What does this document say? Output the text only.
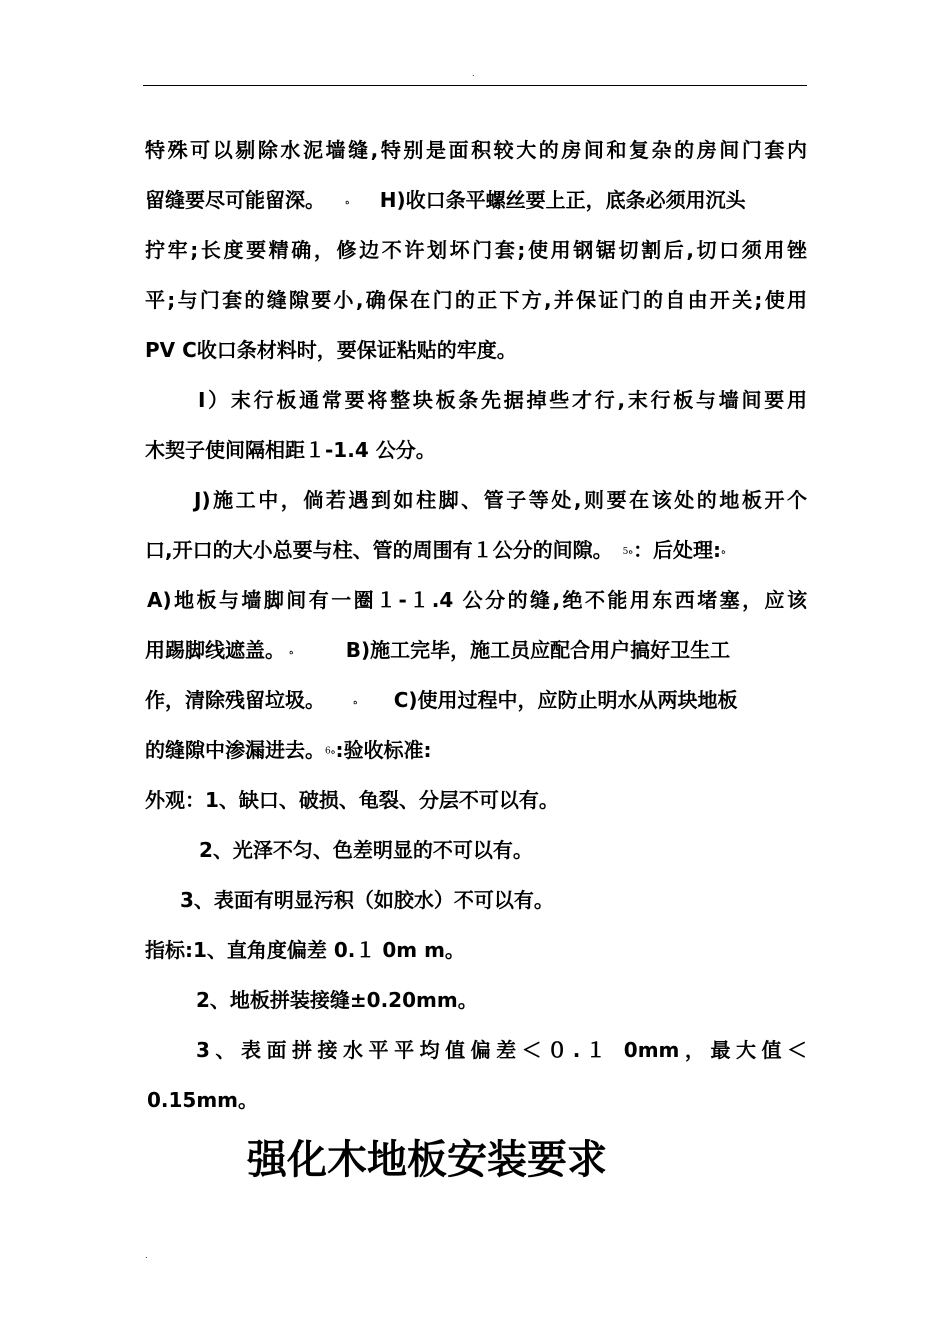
.
特殊可以剔除水泥墙缝,特别是面积较大的房间和复杂的房间门套内
留缝要尽可能留深。 ﻩ H)收口条平螺丝要上正，底条必须用沉头
拧牢;长度要精确，修边不许划坏门套;使用钢锯切割后,切口须用锉
平;与门套的缝隙要小,确保在门的正下方,并保证门的自由开关;使用
PV C收口条材料时，要保证粘贴的牢度。
I）末行板通常要将整块板条先据掉些才行,末行板与墙间要用
木契子使间隔相距１-1.4 公分。
J)施工中，倘若遇到如柱脚、管子等处,则要在该处的地板开个
口,开口的大小总要与柱、管的周围有１公分的间隙。 5ﻩ：后处理:ﻩ
A)地板与墙脚间有一圈１-１.4 公分的缝,绝不能用东西堵塞，应该
用踢脚线遮盖。 ﻩ	B)施工完毕，施工员应配合用户搞好卫生工
作，清除残留垃圾。	ﻩ C)使用过程中，应防止明水从两块地板
的缝隙中渗漏进去。6ﻩ:验收标准:
外观：1、缺口、破损、龟裂、分层不可以有。
2、光泽不匀、色差明显的不可以有。
3、表面有明显污积（如胶水）不可以有。
指标:1、直角度偏差 0.１ 0m m。
2、地板拼装接缝±0.20mm。
3、表面拼接水平平均值偏差＜０.１ 0mm，最大值＜
0.15mm。
强化木地板安装要求
.
